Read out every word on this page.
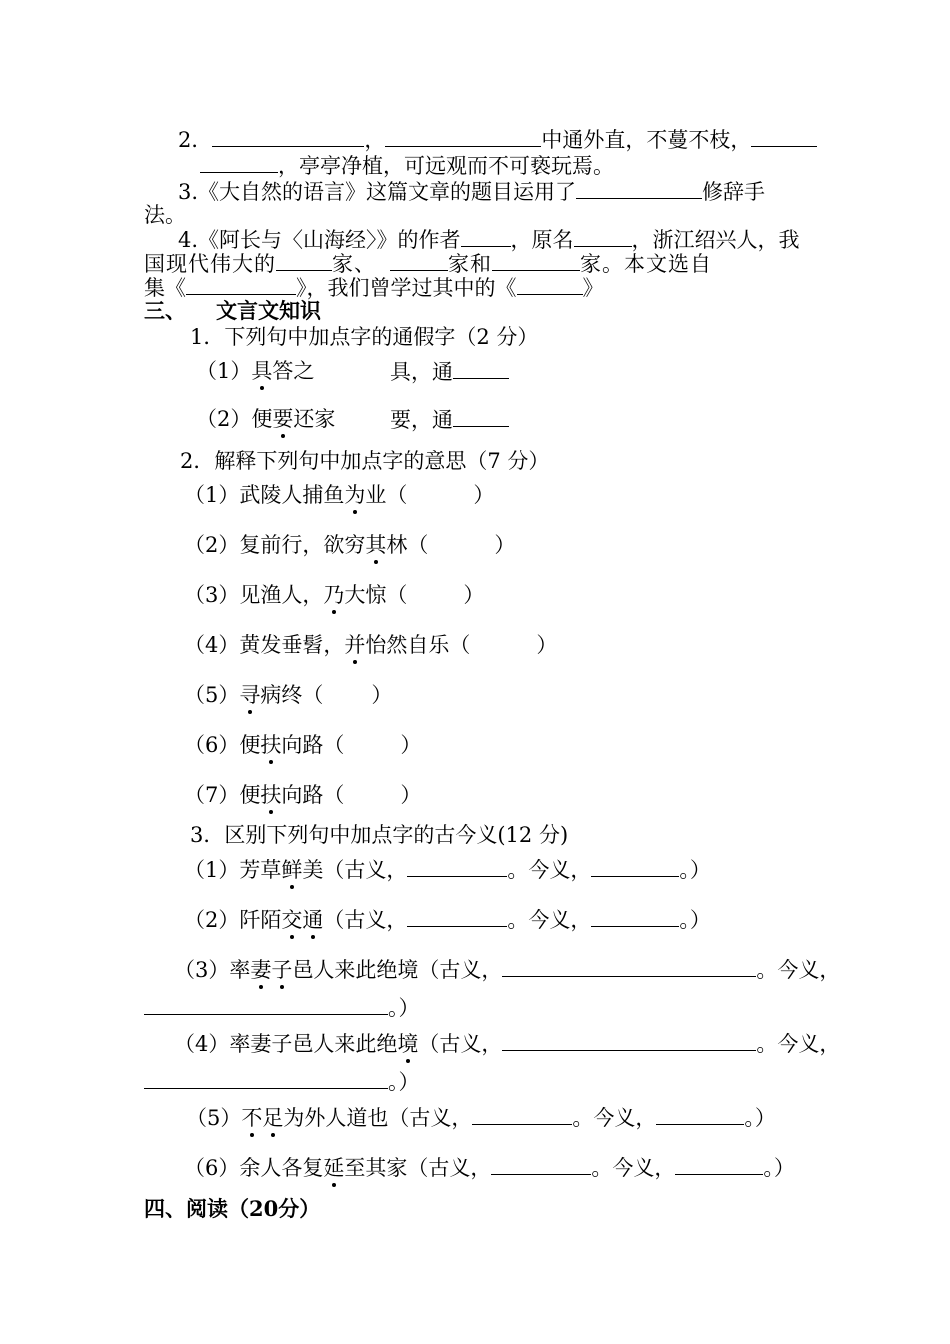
2．	，	中通外直，不蔓不枝，
，亭亭净植，可远观而不可亵玩焉。
3.《大自然的语言》这篇文章的题目运用了	修辞手
法。
4.《阿长与〈山海经〉》的作者 ，原名	，浙江绍兴人，我
国现代伟大的	家、	家和	家。本文选自
集《	》，我们曾学过其中的《	》
三、 文言文知识
1．下列句中加点字的通假字（2 分）
（1）具答之	具，通
（2）便要还家	要，通
2．解释下列句中加点字的意思（7 分）
（1）武陵人捕鱼为业（	）
（2）复前行，欲穷其林（	）
（3）见渔人，乃大惊（	）
（4）黄发垂髫，并怡然自乐（	）
（5）寻病终（ ）
（6）便扶向路（	）
（7）便扶向路（	）
3．区别下列句中加点字的古今义(12 分)
（1）芳草鲜美（古义，	。今义，	。）
（2）阡陌交通（古义，	。今义，	。）
（3）率妻子邑人来此绝境（古义，	。今义，
。）
（4）率妻子邑人来此绝境（古义，	。今义，
。）
（5）不足为外人道也（古义，	。今义，	。）
（6）余人各复延至其家（古义，	。今义，	。）
四、阅读（20分）
